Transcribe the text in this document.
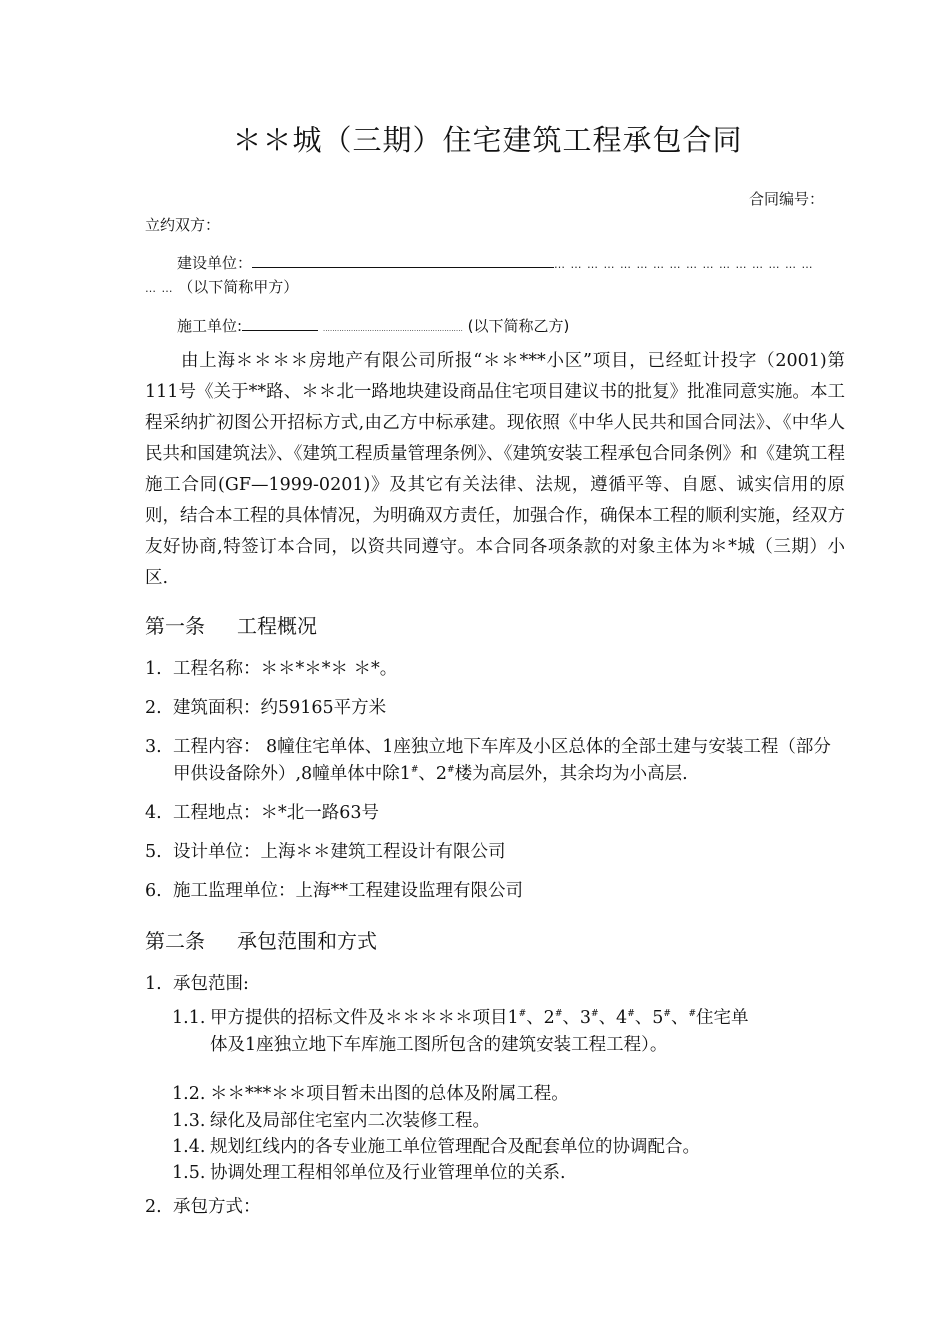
＊＊城（三期）住宅建筑工程承包合同
合同编号：
立约双方：
建设单位：	… … … … … … … … … … … … … … … …
… … （以下简称甲方）
施工单位:	…………………………………………………… (以下简称乙方)

由上海＊＊＊＊房地产有限公司所报“＊＊***小区”项目，已经虹计投字（2001)第111号《关于**路、＊＊北一路地块建设商品住宅项目建议书的批复》批准同意实施。本工程采纳扩初图公开招标方式,由乙方中标承建。现依照《中华人民共和国合同法》、《中华人民共和国建筑法》、《建筑工程质量管理条例》、《建筑安装工程承包合同条例》和《建筑工程施工合同(GF—1999-0201)》及其它有关法律、法规，遵循平等、自愿、诚实信用的原则，结合本工程的具体情况，为明确双方责任，加强合作，确保本工程的顺利实施，经双方友好协商,特签订本合同，以资共同遵守。本合同各项条款的对象主体为＊*城（三期）小区.

第一条 工程概况
1. 工程名称：＊＊*＊*＊ ＊*。
2. 建筑面积：约59165平方米
3. 工程内容： 8幢住宅单体、1座独立地下车库及小区总体的全部土建与安装工程（部分甲供设备除外）,8幢单体中除1#、2#楼为高层外，其余均为小高层.
4. 工程地点：＊*北一路63号
5. 设计单位：上海＊＊建筑工程设计有限公司
6. 施工监理单位：上海**工程建设监理有限公司
第二条 承包范围和方式
1. 承包范围:
1.1. 甲方提供的招标文件及＊＊＊＊＊项目1#、2#、3#、4#、5#、#住宅单体及1座独立地下车库施工图所包含的建筑安装工程工程）。
1.2. ＊＊***＊＊项目暂未出图的总体及附属工程。
1.3. 绿化及局部住宅室内二次装修工程。
1.4. 规划红线内的各专业施工单位管理配合及配套单位的协调配合。
1.5. 协调处理工程相邻单位及行业管理单位的关系.
2. 承包方式：
